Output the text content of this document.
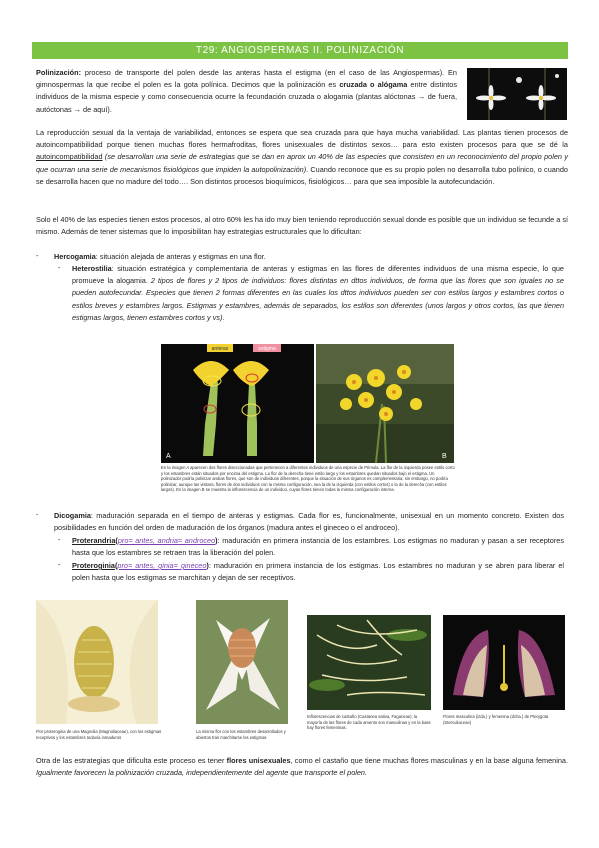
T29: ANGIOSPERMAS II. POLINIZACIÓN

Polinización: proceso de transporte del polen desde las anteras hasta el estigma (en el caso de las Angiospermas). En gimnospermas la que recibe el polen es la gota polínica. Decimos que la polinización es cruzada o alógama entre distintos individuos de la misma especie y como consecuencia ocurre la fecundación cruzada o alogamia (plantas alóctonas → de fuera, autóctonas → de aquí).

La reproducción sexual da la ventaja de variabilidad, entonces se espera que sea cruzada para que haya mucha variabilidad. Las plantas tienen procesos de autoincompatibilidad porque tienen muchas flores hermafroditas, flores unisexuales de distintos sexos… para esto existen procesos para que se dé la autoincompatibilidad (se desarrollan una serie de estrategias que se dan en aprox un 40% de las especies que consisten en un reconocimiento del propio polen y que ocurran una serie de mecanismos fisiológicos que impiden la autopolinización). Cuando reconoce que es su propio polen no desarrolla tubo polínico, o cuando se desarrolla hacen que no madure del todo…. Son distintos procesos bioquímicos, fisiológicos… para que sea imposible la autofecundación.

Solo el 40% de las especies tienen estos procesos, al otro 60% les ha ido muy bien teniendo reproducción sexual donde es posible que un individuo se fecunde a sí mismo. Además de tener sistemas que lo imposibilitan hay estrategias estructurales que lo dificultan:

- Hercogamia: situación alejada de anteras y estigmas en una flor.

- Heterostilia: situación estratégica y complementaria de anteras y estigmas en las flores de diferentes individuos de una misma especie, lo que promueve la alogamia. 2 tipos de flores y 2 tipos de individuos: flores distintas en dttos individuos, de forma que las flores que son iguales no se pueden autofecundar. Especies que tienen 2 formas diferentes en las cuales los dttos individuos pueden ser con estilos largos y estambres cortos o estilos breves y estambres largos. Estigmas y estambres, además de separados, los estilos son diferentes (unos largos y otros cortos, las que tienen estigmas largos, tienen estambres cortos y vs).

anteras	estigma
A	B
En la imagen A aparecen dos flores diseccionadas que pertenecen a diferentes individuos de una especie de Primula. La flor de la izquierda posee estilo corto y los estambres están situados por encima del estigma. La flor de la derecha tiene estilo largo y los estambres quedan situados bajo el estigma. Un polinizador podría polinizar ambas flores, que son de individuos diferentes, porque la situación de sus órganos es complementaria; sin embargo, no podría polinizar, aunque las visitara, flores de dos individuos con la misma configuración, sea la de la izquierda (con estilos cortos) o la de la derecha (con estilos largos). En la imagen B se muestra la inflorescencia de un individuo, cuyas flores tienen todas la misma configuración interna.
- Dicogamia: maduración separada en el tiempo de anteras y estigmas. Cada flor es, funcionalmente, unisexual en un momento concreto. Existen dos posibilidades en función del orden de maduración de los órganos (madura antes el gineceo o el androceo).

- Proterandria(pro= antes, andria= androceo): maduración en primera instancia de los estambres. Los estigmas no maduran y pasan a ser receptores hasta que los estambres se retraen tras la liberación del polen.

- Proteroginia(pro= antes, ginia= gineceo): maduración en primera instancia de los estigmas. Los estambres no maduran y se abren para liberar el polen hasta que los estigmas se marchitan y dejan de ser receptivos.

Flor proterogina de una Magnolia (Magnoliaceae), con los estigmas receptivos y los estambres todavía inmaduros
La misma flor con los estambres desarrollados y abiertos tras marchitarse los estigmas
Inflorescencias de castaño (Castanea sativa, Fagaceae); la mayoría de las flores de cada amento son masculinas y en la base hay flores femeninas.
Flores masculina (izda.) y femenina (dcha.) de Pterygota (Sterculiaceae)

Otra de las estrategias que dificulta este proceso es tener flores unisexuales, como el castaño que tiene muchas flores masculinas y en la base alguna femenina. Igualmente favorecen la polinización cruzada, independientemente del agente que transporte el polen.
